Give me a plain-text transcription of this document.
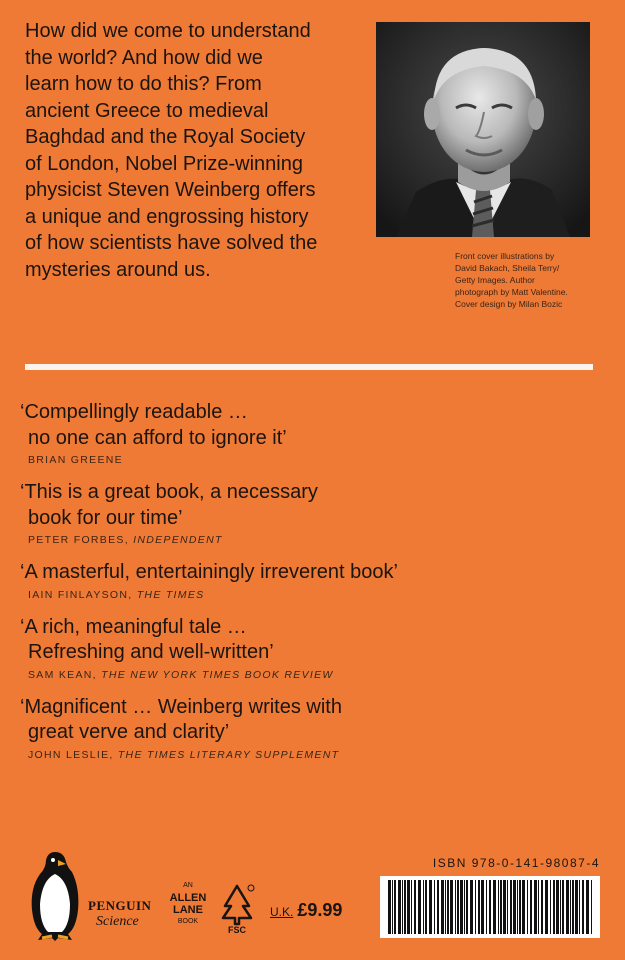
How did we come to understand
the world? And how did we
learn how to do this? From
ancient Greece to medieval
Baghdad and the Royal Society
of London, Nobel Prize-winning
physicist Steven Weinberg offers
a unique and engrossing history
of how scientists have solved the
mysteries around us.

Front cover illustrations by
David Bakach, Sheila Terry/
Getty Images. Author
photograph by Matt Valentine.
Cover design by Milan Bozic

‘Compellingly readable …
no one can afford to ignore it’

BRIAN GREENE

‘This is a great book, a necessary
book for our time’

PETER FORBES, INDEPENDENT

‘A masterful, entertainingly irreverent book’

IAIN FINLAYSON, THE TIMES

‘A rich, meaningful tale …
Refreshing and well-written’

SAM KEAN, THE NEW YORK TIMES BOOK REVIEW

‘Magnificent … Weinberg writes with
great verve and clarity’

JOHN LESLIE, THE TIMES LITERARY SUPPLEMENT
PENGUIN
Science
AN
ALLEN
LANE
BOOK
FSC
U.K. £9.99
ISBN 978-0-141-98087-4
